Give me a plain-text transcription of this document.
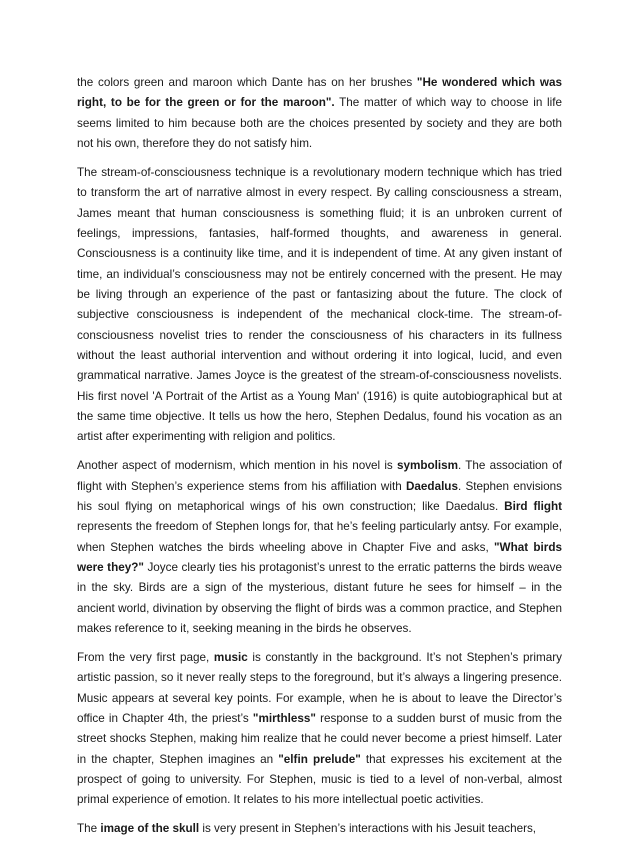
the colors green and maroon which Dante has on her brushes "He wondered which was right, to be for the green or for the maroon". The matter of which way to choose in life seems limited to him because both are the choices presented by society and they are both not his own, therefore they do not satisfy him.

The stream-of-consciousness technique is a revolutionary modern technique which has tried to transform the art of narrative almost in every respect. By calling consciousness a stream, James meant that human consciousness is something fluid; it is an unbroken current of feelings, impressions, fantasies, half-formed thoughts, and awareness in general. Consciousness is a continuity like time, and it is independent of time. At any given instant of time, an individual’s consciousness may not be entirely concerned with the present. He may be living through an experience of the past or fantasizing about the future. The clock of subjective consciousness is independent of the mechanical clock-time. The stream-of-consciousness novelist tries to render the consciousness of his characters in its fullness without the least authorial intervention and without ordering it into logical, lucid, and even grammatical narrative. James Joyce is the greatest of the stream-of-consciousness novelists. His first novel 'A Portrait of the Artist as a Young Man' (1916) is quite autobiographical but at the same time objective. It tells us how the hero, Stephen Dedalus, found his vocation as an artist after experimenting with religion and politics.

Another aspect of modernism, which mention in his novel is symbolism. The association of flight with Stephen’s experience stems from his affiliation with Daedalus. Stephen envisions his soul flying on metaphorical wings of his own construction; like Daedalus. Bird flight represents the freedom of Stephen longs for, that he’s feeling particularly antsy. For example, when Stephen watches the birds wheeling above in Chapter Five and asks, "What birds were they?" Joyce clearly ties his protagonist’s unrest to the erratic patterns the birds weave in the sky. Birds are a sign of the mysterious, distant future he sees for himself – in the ancient world, divination by observing the flight of birds was a common practice, and Stephen makes reference to it, seeking meaning in the birds he observes.

From the very first page, music is constantly in the background. It’s not Stephen’s primary artistic passion, so it never really steps to the foreground, but it’s always a lingering presence. Music appears at several key points. For example, when he is about to leave the Director’s office in Chapter 4th, the priest’s "mirthless" response to a sudden burst of music from the street shocks Stephen, making him realize that he could never become a priest himself. Later in the chapter, Stephen imagines an "elfin prelude" that expresses his excitement at the prospect of going to university. For Stephen, music is tied to a level of non-verbal, almost primal experience of emotion. It relates to his more intellectual poetic activities.

The image of the skull is very present in Stephen’s interactions with his Jesuit teachers,
